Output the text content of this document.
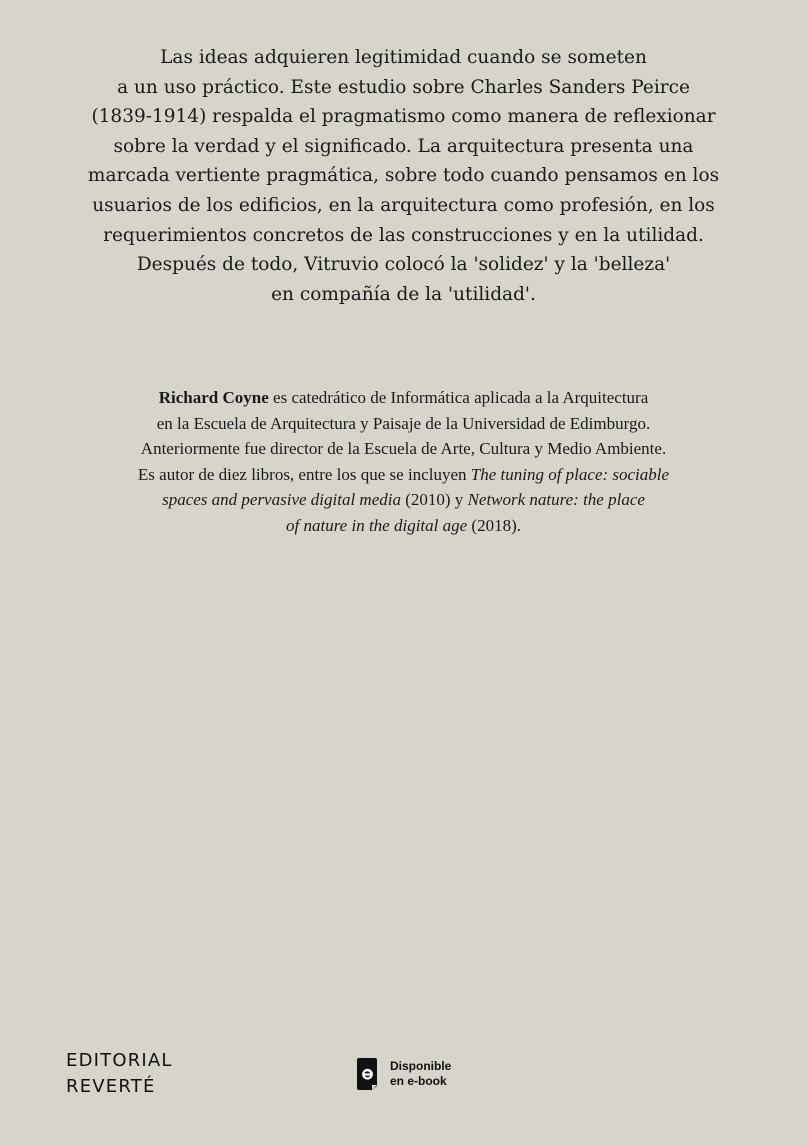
Las ideas adquieren legitimidad cuando se someten
a un uso práctico. Este estudio sobre Charles Sanders Peirce
(1839-1914) respalda el pragmatismo como manera de reflexionar
sobre la verdad y el significado. La arquitectura presenta una
marcada vertiente pragmática, sobre todo cuando pensamos en los
usuarios de los edificios, en la arquitectura como profesión, en los
requerimientos concretos de las construcciones y en la utilidad.
Después de todo, Vitruvio colocó la 'solidez' y la 'belleza'
en compañía de la 'utilidad'.
Richard Coyne es catedrático de Informática aplicada a la Arquitectura
en la Escuela de Arquitectura y Paisaje de la Universidad de Edimburgo.
Anteriormente fue director de la Escuela de Arte, Cultura y Medio Ambiente.
Es autor de diez libros, entre los que se incluyen The tuning of place: sociable
spaces and pervasive digital media (2010) y Network nature: the place
of nature in the digital age (2018).
EDITORIAL
REVERTÉ
Disponible
en e-book
